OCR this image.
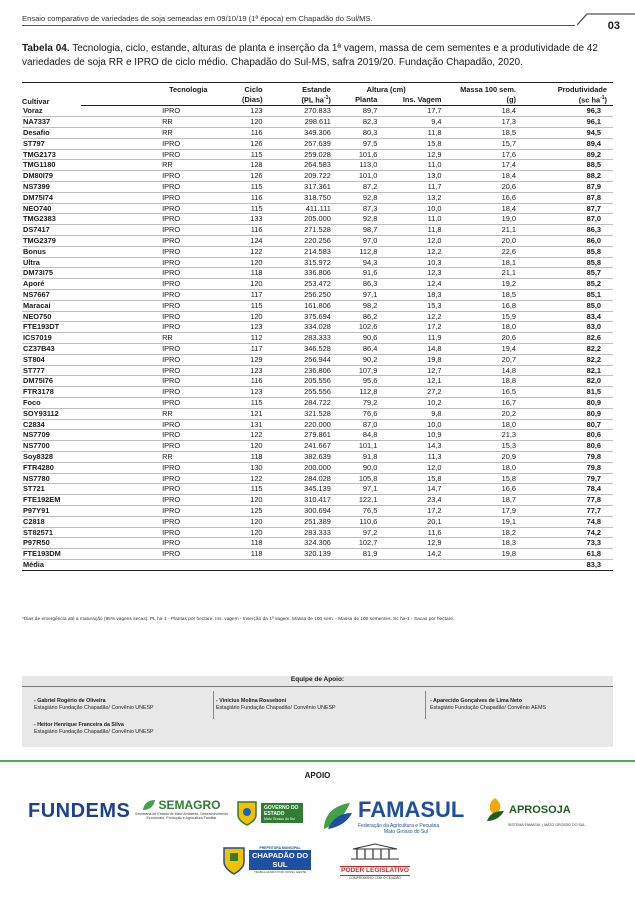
Ensaio comparativo de variedades de soja semeadas em 09/10/19 (1ª época) em Chapadão do Sul/MS.
03
Tabela 04. Tecnologia, ciclo, estande, alturas de planta e inserção da 1ª vagem, massa de cem sementes e a produtividade de 42 variedades de soja RR e IPRO de ciclo médio. Chapadão do Sul-MS, safra 2019/20. Fundação Chapadão, 2020.
Cultivar	Tecnologia	Ciclo	Estande	Altura (cm)		Massa 100 sem.	Produtividade
		(Dias)	(PL $ha^{-1}$)	Planta	Ins. Vagem	(g)	(sc $ha^{-1}$)
Voraz	IPRO	123	270.833	89,7	17,7	18,4	96,3
NA7337	RR	120	298.611	82,3	9,4	17,3	96,1
Desafio	RR	116	349.306	80,3	11,8	18,5	94,5
ST797	IPRO	126	257.639	97,5	15,8	15,7	89,4
TMG2173	IPRO	115	259.028	101,6	12,9	17,6	89,2
TMG1180	RR	128	264.583	113,0	11,0	17,4	88,5
DM80I79	IPRO	126	209.722	101,0	13,0	18,4	88,2
NS7399	IPRO	115	317.361	87,2	11,7	20,6	87,9
DM75I74	IPRO	116	318.750	92,8	13,2	16,6	87,8
NEO740	IPRO	115	411.111	87,3	10,0	18,4	87,7
TMG2383	IPRO	133	205.000	92,8	11,0	19,0	87,0
DS7417	IPRO	116	271.528	98,7	11,8	21,1	86,3
TMG2379	IPRO	124	220.256	97,0	12,0	20,0	86,0
Bonus	IPRO	122	214.583	112,8	12,2	22,6	85,8
Ultra	IPRO	120	315.972	94,3	10,3	18,1	85,8
DM73I75	IPRO	118	336.806	91,6	12,3	21,1	85,7
Aporé	IPRO	120	253.472	86,3	12,4	19,2	85,2
NS7667	IPRO	117	256.250	97,1	18,3	18,5	85,1
Maracaí	IPRO	115	161.806	98,2	15,3	16,8	85,0
NEO750	IPRO	120	375.694	86,2	12,2	15,9	83,4
FTE193DT	IPRO	123	334.028	102,6	17,2	18,0	83,0
ICS7019	RR	112	283.333	90,6	11,9	20,6	82,6
CZ37B43	IPRO	117	346.528	86,4	14,8	19,4	82,2
ST804	IPRO	129	256.944	90,2	19,8	20,7	82,2
ST777	IPRO	123	236.806	107,9	12,7	14,8	82,1
DM75I76	IPRO	116	205.556	95,6	12,1	18,8	82,0
FTR3178	IPRO	123	255.556	112,8	27,2	16,5	81,5
Foco	IPRO	115	284.722	79,2	10,2	16,7	80,9
SOY93112	RR	121	321.528	76,6	9,8	20,2	80,9
C2834	IPRO	131	220.000	87,0	10,0	18,0	80,7
NS7709	IPRO	122	279.861	84,8	10,9	21,3	80,6
NS7700	IPRO	120	241.667	101,1	14,3	15,3	80,6
Soy8328	RR	118	382.639	91,8	11,3	20,9	79,8
FTR4280	IPRO	130	200.000	90,0	12,0	18,0	79,8
NS7780	IPRO	122	284.028	105,8	15,8	15,8	79,7
ST721	IPRO	115	345.139	97,1	14,7	16,6	78,4
FTE192EM	IPRO	120	310.417	122,1	23,4	18,7	77,8
P97Y91	IPRO	125	300.694	76,5	17,2	17,9	77,7
C2818	IPRO	120	251.389	110,6	20,1	19,1	74,8
ST82571	IPRO	120	283.333	97,2	11,6	18,2	74,2
P97R50	IPRO	118	324.306	102,7	12,9	18,3	73,3
FTE193DM	IPRO	118	320.139	81,9	14,2	19,8	61,8
Média							83,3
*Dias de emergência até a maturação (95% vagens secas). PL ha-1 - Plantas por hectare. Ins. vagem - Inserção da 1ª vagem. Massa de 100 sem. - Massa de 100 sementes. Sc ha-1 - Sacas por hectare.
Equipe de Apoio:
- Gabriel Rogério de Oliveira
Estagiário Fundação Chapadão/ Convênio UNESP
- Heitor Henrique Franceira da Silva
Estagiário Fundação Chapadão/ Convênio UNESP
- Vinicius Molina Rosseboni
Estagiário Fundação Chapadão/ Convênio UNESP
- Aparecido Gonçalves de Lima Neto
Estagiário Fundação Chapadão/ Convênio AEMS
APOIO
FUNDEMS SEMAGRO
Secretaria de Estado de Meio Ambiente, Desenvolvimento Econômico, Produção e Agricultura Familiar
GOVERNO DO ESTADO
Mato Grosso do Sul	FAMASUL
Federação da Agricultura e Pecuária
Mato Grosso do Sul
APROSOJA
SISTEMA FAMASUL | MATO GROSSO DO SUL
PREFEITURA MUNICIPAL
CHAPADÃO DO SUL
TRABALHANDO POR NOSSA GENTE	PODER LEGISLATIVO
COMPROMISSO COM O CIDADÃO
